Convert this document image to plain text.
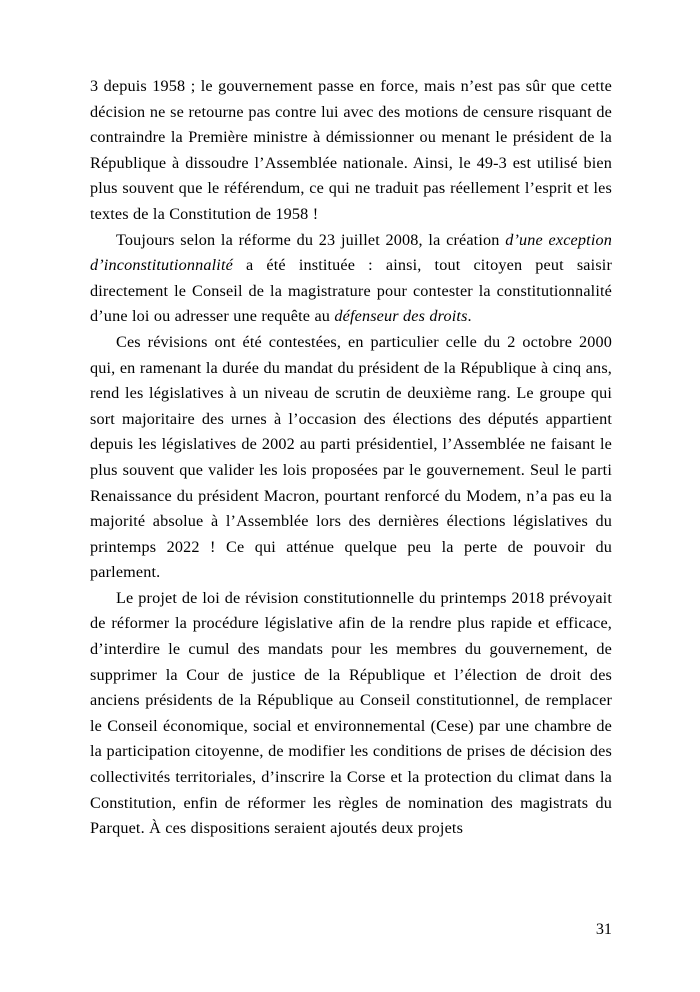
3 depuis 1958 ; le gouvernement passe en force, mais n’est pas sûr que cette décision ne se retourne pas contre lui avec des motions de censure risquant de contraindre la Première ministre à démissionner ou menant le président de la République à dissoudre l’Assemblée nationale. Ainsi, le 49-3 est utilisé bien plus souvent que le référendum, ce qui ne traduit pas réellement l’esprit et les textes de la Constitution de 1958 !

Toujours selon la réforme du 23 juillet 2008, la création d’une exception d’inconstitutionnalité a été instituée : ainsi, tout citoyen peut saisir directement le Conseil de la magistrature pour contester la constitutionnalité d’une loi ou adresser une requête au défenseur des droits.

Ces révisions ont été contestées, en particulier celle du 2 octobre 2000 qui, en ramenant la durée du mandat du président de la République à cinq ans, rend les législatives à un niveau de scrutin de deuxième rang. Le groupe qui sort majoritaire des urnes à l’occasion des élections des députés appartient depuis les législatives de 2002 au parti présidentiel, l’Assemblée ne faisant le plus souvent que valider les lois proposées par le gouvernement. Seul le parti Renaissance du président Macron, pourtant renforcé du Modem, n’a pas eu la majorité absolue à l’Assemblée lors des dernières élections législatives du printemps 2022 ! Ce qui atténue quelque peu la perte de pouvoir du parlement.

Le projet de loi de révision constitutionnelle du printemps 2018 prévoyait de réformer la procédure législative afin de la rendre plus rapide et efficace, d’interdire le cumul des mandats pour les membres du gouvernement, de supprimer la Cour de justice de la République et l’élection de droit des anciens présidents de la République au Conseil constitutionnel, de remplacer le Conseil économique, social et environnemental (Cese) par une chambre de la participation citoyenne, de modifier les conditions de prises de décision des collectivités territoriales, d’inscrire la Corse et la protection du climat dans la Constitution, enfin de réformer les règles de nomination des magistrats du Parquet. À ces dispositions seraient ajoutés deux projets

31
